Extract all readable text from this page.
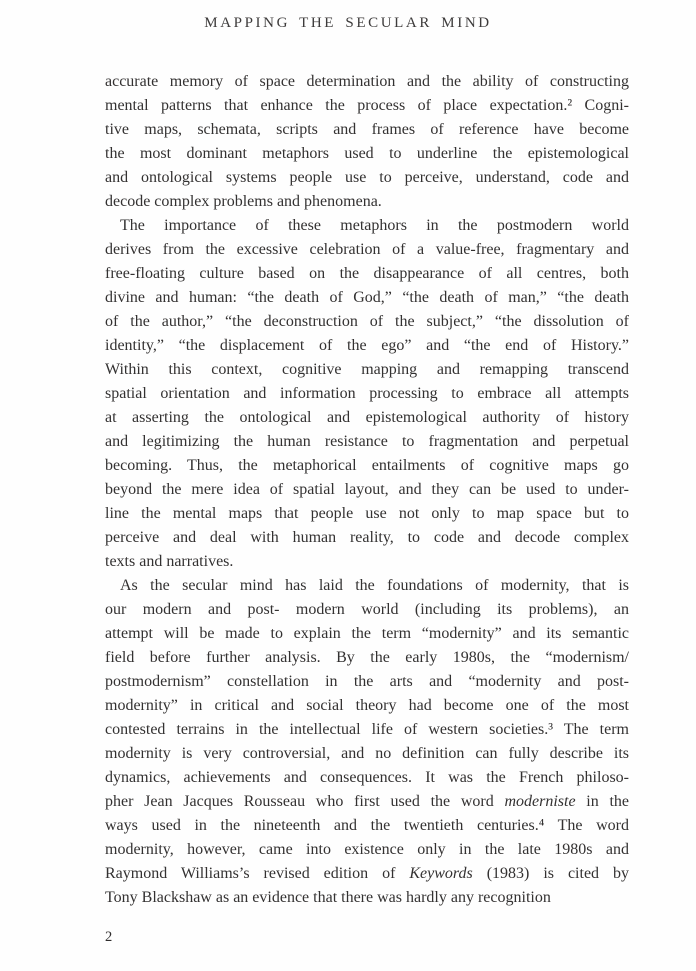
MAPPING THE SECULAR MIND
accurate memory of space determination and the ability of constructing
mental patterns that enhance the process of place expectation.² Cogni-
tive maps, schemata, scripts and frames of reference have become
the most dominant metaphors used to underline the epistemological
and ontological systems people use to perceive, understand, code and
decode complex problems and phenomena.
The importance of these metaphors in the postmodern world
derives from the excessive celebration of a value-free, fragmentary and
free-floating culture based on the disappearance of all centres, both
divine and human: “the death of God,” “the death of man,” “the death
of the author,” “the deconstruction of the subject,” “the dissolution of
identity,” “the displacement of the ego” and “the end of History.”
Within this context, cognitive mapping and remapping transcend
spatial orientation and information processing to embrace all attempts
at asserting the ontological and epistemological authority of history
and legitimizing the human resistance to fragmentation and perpetual
becoming. Thus, the metaphorical entailments of cognitive maps go
beyond the mere idea of spatial layout, and they can be used to under-
line the mental maps that people use not only to map space but to
perceive and deal with human reality, to code and decode complex
texts and narratives.
As the secular mind has laid the foundations of modernity, that is
our modern and post- modern world (including its problems), an
attempt will be made to explain the term “modernity” and its semantic
field before further analysis. By the early 1980s, the “modernism/
postmodernism” constellation in the arts and “modernity and post-
modernity” in critical and social theory had become one of the most
contested terrains in the intellectual life of western societies.³ The term
modernity is very controversial, and no definition can fully describe its
dynamics, achievements and consequences. It was the French philoso-
pher Jean Jacques Rousseau who first used the word moderniste in the
ways used in the nineteenth and the twentieth centuries.⁴ The word
modernity, however, came into existence only in the late 1980s and
Raymond Williams’s revised edition of Keywords (1983) is cited by
Tony Blackshaw as an evidence that there was hardly any recognition
2
